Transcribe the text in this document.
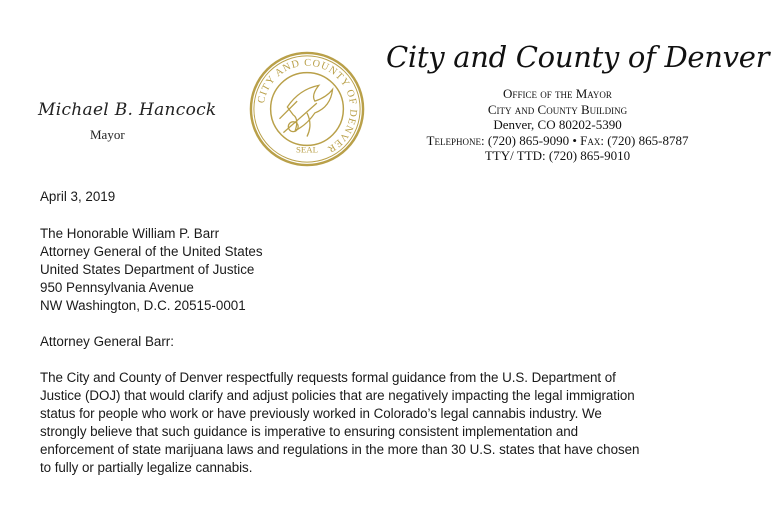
Michael B. Hancock
Mayor
CITY AND COUNTY OF DENVER
SEAL
City and County of Denver
Office of the Mayor
City and County Building
Denver, CO 80202-5390
Telephone: (720) 865-9090 • Fax: (720) 865-8787
TTY/ TTD: (720) 865-9010

April 3, 2019

The Honorable William P. Barr

Attorney General of the United States

United States Department of Justice

950 Pennsylvania Avenue

NW Washington, D.C. 20515-0001

Attorney General Barr:

The City and County of Denver respectfully requests formal guidance from the U.S. Department of

Justice (DOJ) that would clarify and adjust policies that are negatively impacting the legal immigration

status for people who work or have previously worked in Colorado’s legal cannabis industry. We

strongly believe that such guidance is imperative to ensuring consistent implementation and

enforcement of state marijuana laws and regulations in the more than 30 U.S. states that have chosen

to fully or partially legalize cannabis.
